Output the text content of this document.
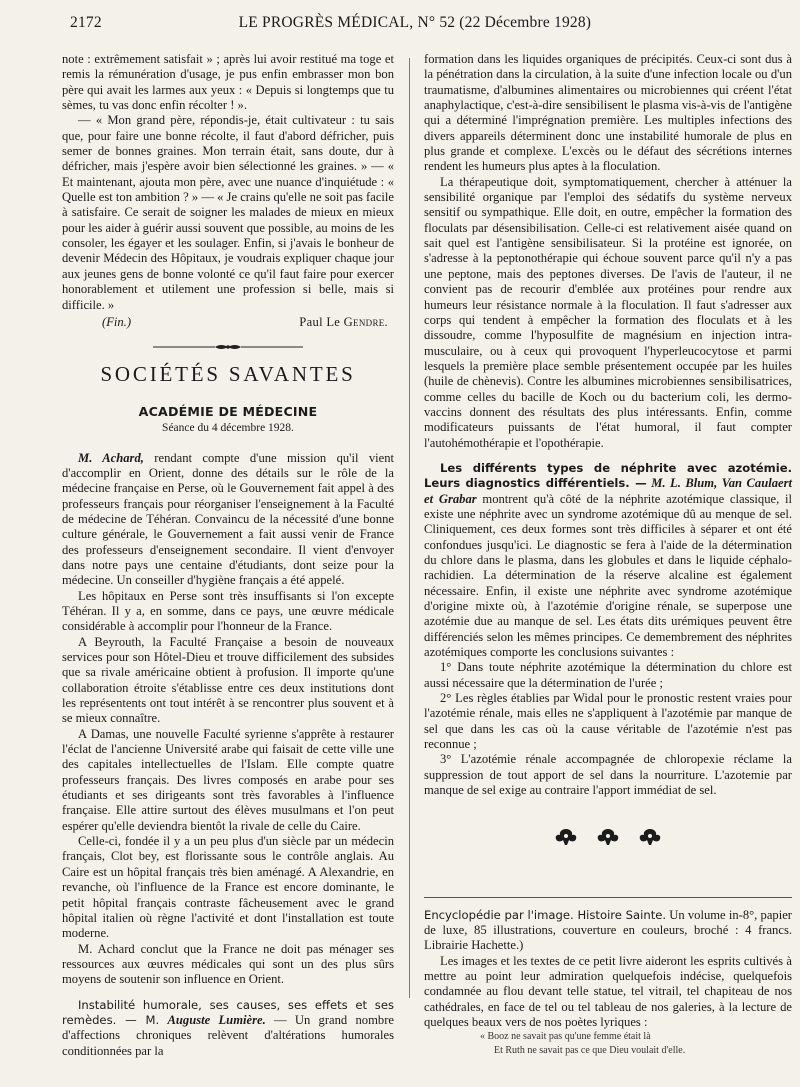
2172	LE PROGRÈS MÉDICAL, N° 52 (22 Décembre 1928)

note : extrêmement satisfait » ; après lui avoir restitué ma toge et remis la rémunération d'usage, je pus enfin embrasser mon bon père qui avait les larmes aux yeux : « Depuis si longtemps que tu sèmes, tu vas donc enfin récolter ! ».

— « Mon grand père, répondis-je, était cultivateur : tu sais que, pour faire une bonne récolte, il faut d'abord défricher, puis semer de bonnes graines. Mon terrain était, sans doute, dur à défricher, mais j'espère avoir bien sélectionné les graines. » — « Et maintenant, ajouta mon père, avec une nuance d'inquiétude : « Quelle est ton ambition ? » — « Je crains qu'elle ne soit pas facile à satisfaire. Ce serait de soigner les malades de mieux en mieux pour les aider à guérir aussi souvent que possible, au moins de les consoler, les égayer et les soulager. Enfin, si j'avais le bonheur de devenir Médecin des Hôpitaux, je voudrais expliquer chaque jour aux jeunes gens de bonne volonté ce qu'il faut faire pour exercer honorablement et utilement une profession si belle, mais si difficile. »

(Fin.)	Paul Le Gendre.
SOCIÉTÉS SAVANTES
ACADÉMIE DE MÉDECINE
Séance du 4 décembre 1928.

M. Achard, rendant compte d'une mission qu'il vient d'accomplir en Orient, donne des détails sur le rôle de la médecine française en Perse, où le Gouvernement fait appel à des professeurs français pour réorganiser l'enseignement à la Faculté de médecine de Téhéran. Convaincu de la nécessité d'une bonne culture générale, le Gouvernement a fait aussi venir de France des professeurs d'enseignement secondaire. Il vient d'envoyer dans notre pays une centaine d'étudiants, dont seize pour la médecine. Un conseiller d'hygiène français a été appelé.

Les hôpitaux en Perse sont très insuffisants si l'on excepte Téhéran. Il y a, en somme, dans ce pays, une œuvre médicale considérable à accomplir pour l'honneur de la France.

A Beyrouth, la Faculté Française a besoin de nouveaux services pour son Hôtel-Dieu et trouve difficilement des subsides que sa rivale américaine obtient à profusion. Il importe qu'une collaboration étroite s'établisse entre ces deux institutions dont les représentents ont tout intérêt à se rencontrer plus souvent et à se mieux connaître.

A Damas, une nouvelle Faculté syrienne s'apprête à restaurer l'éclat de l'ancienne Université arabe qui faisait de cette ville une des capitales intellectuelles de l'Islam. Elle compte quatre professeurs français. Des livres composés en arabe pour ses étudiants et ses dirigeants sont très favorables à l'influence française. Elle attire surtout des élèves musulmans et l'on peut espérer qu'elle deviendra bientôt la rivale de celle du Caire.

Celle-ci, fondée il y a un peu plus d'un siècle par un médecin français, Clot bey, est florissante sous le contrôle anglais. Au Caire est un hôpital français très bien aménagé. A Alexandrie, en revanche, où l'influence de la France est encore dominante, le petit hôpital français contraste fâcheusement avec le grand hôpital italien où règne l'activité et dont l'installation est toute moderne.

M. Achard conclut que la France ne doit pas ménager ses ressources aux œuvres médicales qui sont un des plus sûrs moyens de soutenir son influence en Orient.

Instabilité humorale, ses causes, ses effets et ses remèdes. — M. Auguste Lumière. — Un grand nombre d'affections chroniques relèvent d'altérations humorales conditionnées par la

formation dans les liquides organiques de précipités. Ceux-ci sont dus à la pénétration dans la circulation, à la suite d'une infection locale ou d'un traumatisme, d'albumines alimentaires ou microbiennes qui créent l'état anaphylactique, c'est-à-dire sensibilisent le plasma vis-à-vis de l'antigène qui a déterminé l'imprégnation première. Les multiples infections des divers appareils déterminent donc une instabilité humorale de plus en plus grande et complexe. L'excès ou le défaut des sécrétions internes rendent les humeurs plus aptes à la floculation.

La thérapeutique doit, symptomatiquement, chercher à atténuer la sensibilité organique par l'emploi des sédatifs du système nerveux sensitif ou sympathique. Elle doit, en outre, empêcher la formation des floculats par désensibilisation. Celle-ci est relativement aisée quand on sait quel est l'antigène sensibilisateur. Si la protéine est ignorée, on s'adresse à la peptonothérapie qui échoue souvent parce qu'il n'y a pas une peptone, mais des peptones diverses. De l'avis de l'auteur, il ne convient pas de recourir d'emblée aux protéines pour rendre aux humeurs leur résistance normale à la floculation. Il faut s'adresser aux corps qui tendent à empêcher la formation des floculats et à les dissoudre, comme l'hyposulfite de magnésium en injection intra-musculaire, ou à ceux qui provoquent l'hyperleucocytose et parmi lesquels la première place semble présentement occupée par les huiles (huile de chènevis). Contre les albumines microbiennes sensibilisatrices, comme celles du bacille de Koch ou du bacterium coli, les dermo-vaccins donnent des résultats des plus intéressants. Enfin, comme modificateurs puissants de l'état humoral, il faut compter l'autohémothérapie et l'opothérapie.

Les différents types de néphrite avec azotémie. Leurs diagnostics différentiels. — M. L. Blum, Van Caulaert et Grabar montrent qu'à côté de la néphrite azotémique classique, il existe une néphrite avec un syndrome azotémique dû au menque de sel. Cliniquement, ces deux formes sont très difficiles à séparer et ont été confondues jusqu'ici. Le diagnostic se fera à l'aide de la détermination du chlore dans le plasma, dans les globules et dans le liquide céphalo-rachidien. La détermination de la réserve alcaline est également nécessaire. Enfin, il existe une néphrite avec syndrome azotémique d'origine mixte où, à l'azotémie d'origine rénale, se superpose une azotémie due au manque de sel. Les états dits urémiques peuvent être différenciés selon les mêmes principes. Ce demembrement des néphrites azotémiques comporte les conclusions suivantes :

1° Dans toute néphrite azotémique la détermination du chlore est aussi nécessaire que la détermination de l'urée ;

2° Les règles établies par Widal pour le pronostic restent vraies pour l'azotémie rénale, mais elles ne s'appliquent à l'azotémie par manque de sel que dans les cas où la cause véritable de l'azotémie n'est pas reconnue ;

3° L'azotémie rénale accompagnée de chloropexie réclame la suppression de tout apport de sel dans la nourriture. L'azotemie par manque de sel exige au contraire l'apport immédiat de sel.

Encyclopédie par l'image. Histoire Sainte. Un volume in-8°, papier de luxe, 85 illustrations, couverture en couleurs, broché : 4 francs. Librairie Hachette.)

Les images et les textes de ce petit livre aideront les esprits cultivés à mettre au point leur admiration quelquefois indécise, quelquefois condamnée au flou devant telle statue, tel vitrail, tel chapiteau de nos cathédrales, en face de tel ou tel tableau de nos galeries, à la lecture de quelques beaux vers de nos poètes lyriques :

« Booz ne savait pas qu'une femme était là

Et Ruth ne savait pas ce que Dieu voulait d'elle.
